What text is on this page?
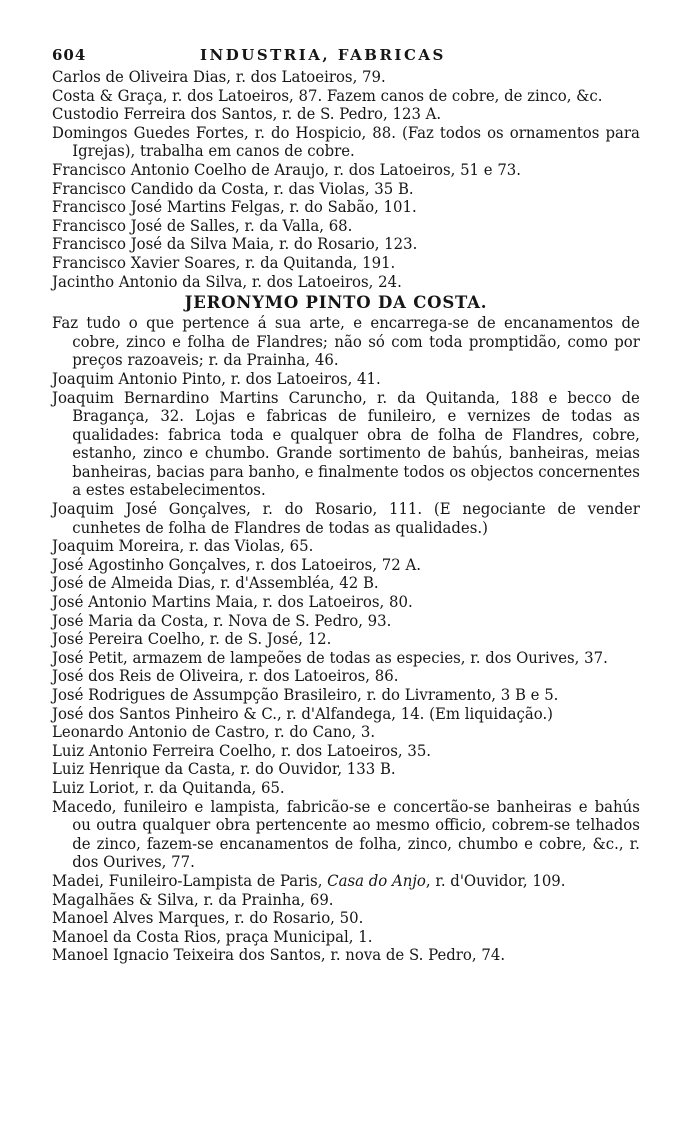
604	INDUSTRIA, FABRICAS

Carlos de Oliveira Dias, r. dos Latoeiros, 79.

Costa & Graça, r. dos Latoeiros, 87. Fazem canos de cobre, de zinco, &c.

Custodio Ferreira dos Santos, r. de S. Pedro, 123 A.

Domingos Guedes Fortes, r. do Hospicio, 88. (Faz todos os ornamentos para Igrejas), trabalha em canos de cobre.

Francisco Antonio Coelho de Araujo, r. dos Latoeiros, 51 e 73.

Francisco Candido da Costa, r. das Violas, 35 B.

Francisco José Martins Felgas, r. do Sabão, 101.

Francisco José de Salles, r. da Valla, 68.

Francisco José da Silva Maia, r. do Rosario, 123.

Francisco Xavier Soares, r. da Quitanda, 191.

Jacintho Antonio da Silva, r. dos Latoeiros, 24.

JERONYMO PINTO DA COSTA.

Faz tudo o que pertence á sua arte, e encarrega-se de encanamentos de cobre, zinco e folha de Flandres; não só com toda promptidão, como por preços razoaveis; r. da Prainha, 46.

Joaquim Antonio Pinto, r. dos Latoeiros, 41.

Joaquim Bernardino Martins Caruncho, r. da Quitanda, 188 e becco de Bragança, 32. Lojas e fabricas de funileiro, e vernizes de todas as qualidades: fabrica toda e qualquer obra de folha de Flandres, cobre, estanho, zinco e chumbo. Grande sortimento de bahús, banheiras, meias banheiras, bacias para banho, e finalmente todos os objectos concernentes a estes estabelecimentos.

Joaquim José Gonçalves, r. do Rosario, 111. (E negociante de vender cunhetes de folha de Flandres de todas as qualidades.)

Joaquim Moreira, r. das Violas, 65.

José Agostinho Gonçalves, r. dos Latoeiros, 72 A.

José de Almeida Dias, r. d'Assembléa, 42 B.

José Antonio Martins Maia, r. dos Latoeiros, 80.

José Maria da Costa, r. Nova de S. Pedro, 93.

José Pereira Coelho, r. de S. José, 12.

José Petit, armazem de lampeões de todas as especies, r. dos Ourives, 37.

José dos Reis de Oliveira, r. dos Latoeiros, 86.

José Rodrigues de Assumpção Brasileiro, r. do Livramento, 3 B e 5.

José dos Santos Pinheiro & C., r. d'Alfandega, 14. (Em liquidação.)

Leonardo Antonio de Castro, r. do Cano, 3.

Luiz Antonio Ferreira Coelho, r. dos Latoeiros, 35.

Luiz Henrique da Casta, r. do Ouvidor, 133 B.

Luiz Loriot, r. da Quitanda, 65.

Macedo, funileiro e lampista, fabricão-se e concertão-se banheiras e bahús ou outra qualquer obra pertencente ao mesmo officio, cobrem-se telhados de zinco, fazem-se encanamentos de folha, zinco, chumbo e cobre, &c., r. dos Ourives, 77.

Madei, Funileiro-Lampista de Paris, Casa do Anjo, r. d'Ouvidor, 109.

Magalhães & Silva, r. da Prainha, 69.

Manoel Alves Marques, r. do Rosario, 50.

Manoel da Costa Rios, praça Municipal, 1.

Manoel Ignacio Teixeira dos Santos, r. nova de S. Pedro, 74.
